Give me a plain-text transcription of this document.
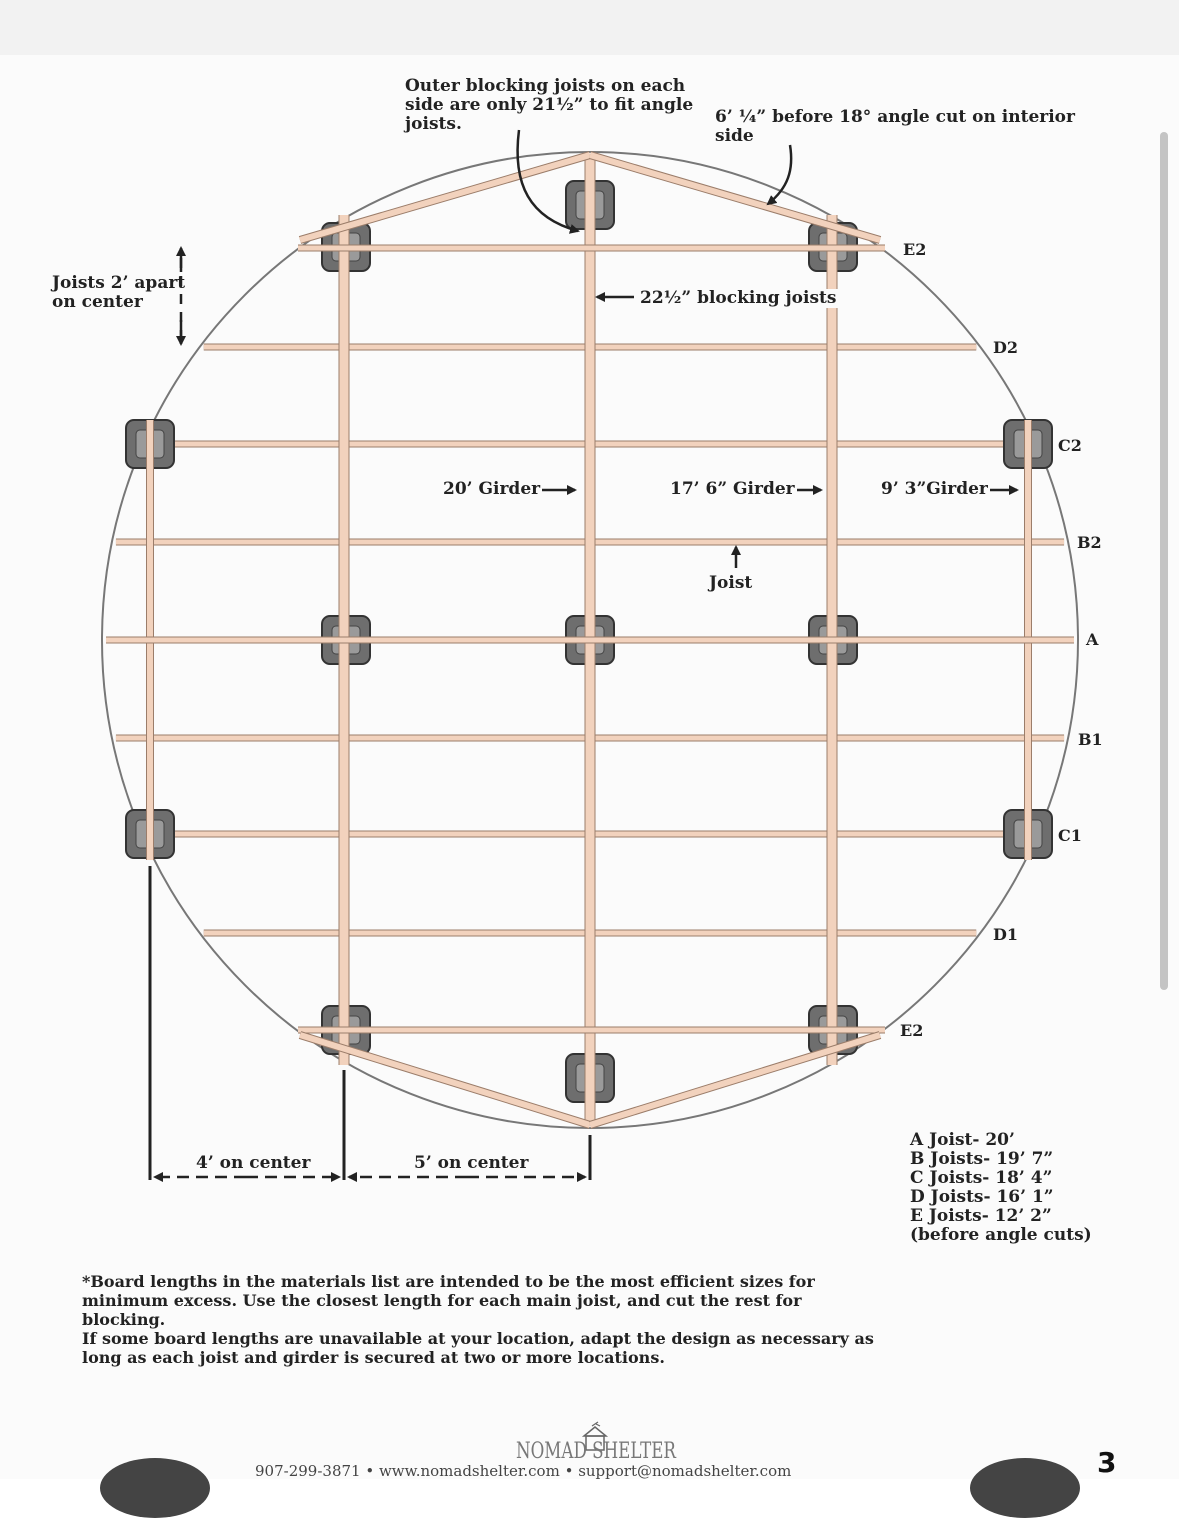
E2
D2
C2
B2
A
B1
C1
D1
E2
Outer blocking joists on each
side are only 21½” to fit angle
joists.	6’ ¼” before 18° angle cut on interior
side
Joists 2’ apart
on center	22½” blocking joists
20’ Girder	17’ 6” Girder	9’ 3”Girder
Joist
4’ on center	5’ on center
A Joist- 20’
B Joists- 19’ 7”
C Joists- 18’ 4”
D Joists- 16’ 1”
E Joists- 12’ 2”
(before angle cuts)
*Board lengths in the materials list are intended to be the most efficient sizes for
minimum excess. Use the closest length for each main joist, and cut the rest for blocking.
If some board lengths are unavailable at your location, adapt the design as necessary as
long as each joist and girder is secured at two or more locations.
NOMAD SHELTER
907-299-3871 • www.nomadshelter.com • support@nomadshelter.com	3
